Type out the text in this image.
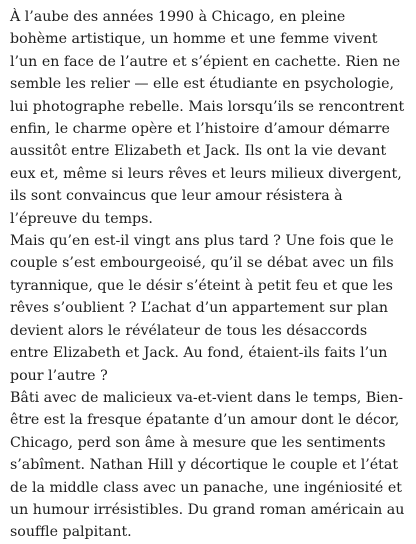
À l’aube des années 1990 à Chicago, en pleine bohème artistique, un homme et une femme vivent l’un en face de l’autre et s’épient en cachette. Rien ne semble les relier — elle est étudiante en psychologie, lui photographe rebelle. Mais lorsqu’ils se rencontrent enfin, le charme opère et l’histoire d’amour démarre aussitôt entre Elizabeth et Jack. Ils ont la vie devant eux et, même si leurs rêves et leurs milieux divergent, ils sont convaincus que leur amour résistera à l’épreuve du temps.

Mais qu’en est-il vingt ans plus tard ? Une fois que le couple s’est embourgeoisé, qu’il se débat avec un fils tyrannique, que le désir s’éteint à petit feu et que les rêves s’oublient ? L’achat d’un appartement sur plan devient alors le révélateur de tous les désaccords entre Elizabeth et Jack. Au fond, étaient-ils faits l’un pour l’autre ?

Bâti avec de malicieux va-et-vient dans le temps, Bien-être est la fresque épatante d’un amour dont le décor, Chicago, perd son âme à mesure que les sentiments s’abîment. Nathan Hill y décortique le couple et l’état de la middle class avec un panache, une ingéniosité et un humour irrésistibles. Du grand roman américain au souffle palpitant.
